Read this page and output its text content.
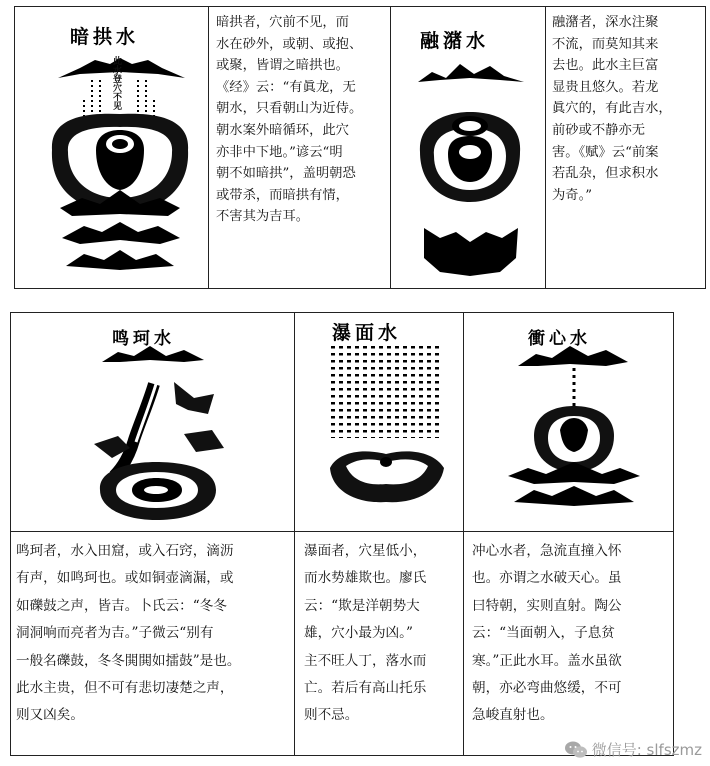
暗拱水
此水登穴不见
暗拱者，穴前不见，而
水在砂外，或朝、或抱、
或聚，皆谓之暗拱也。
《经》云：“有眞龙，无
朝水，只看朝山为近侍。
朝水案外暗循环，此穴
亦非中下地。”谚云“明
朝不如暗拱”，盖明朝恐
或带杀，而暗拱有情，
不害其为吉耳。
融潴水
融潴者，深水注聚
不流，而莫知其来
去也。此水主巨富
显贵且悠久。若龙
眞穴的，有此吉水，
前砂或不静亦无
害。《赋》云“前案
若乱杂，但求积水
为奇。”
鸣珂水
鸣珂者，水入田窟，或入石窍，滴沥
有声，如鸣珂也。或如铜壶滴漏，或
如礫鼓之声，皆吉。卜氏云：“冬冬
洞洞响而亮者为吉。”子微云“别有
一般名礫鼓，冬冬閧閧如擂鼓”是也。
此水主贵，但不可有悲切凄楚之声，
则又凶矣。
瀑面水
瀑面者，穴星低小，
而水势雄欺也。廖氏
云：“欺是洋朝势大
雄，穴小最为凶。”
主不旺人丁，落水而
亡。若后有高山托乐
则不忌。
衝心水
冲心水者，急流直撞入怀
也。亦谓之水破天心。虽
曰特朝，实则直射。陶公
云：“当面朝入，子息贫
寒。”正此水耳。盖水虽欲
朝，亦必弯曲悠缓，不可
急峻直射也。
微信号: slfszmz
